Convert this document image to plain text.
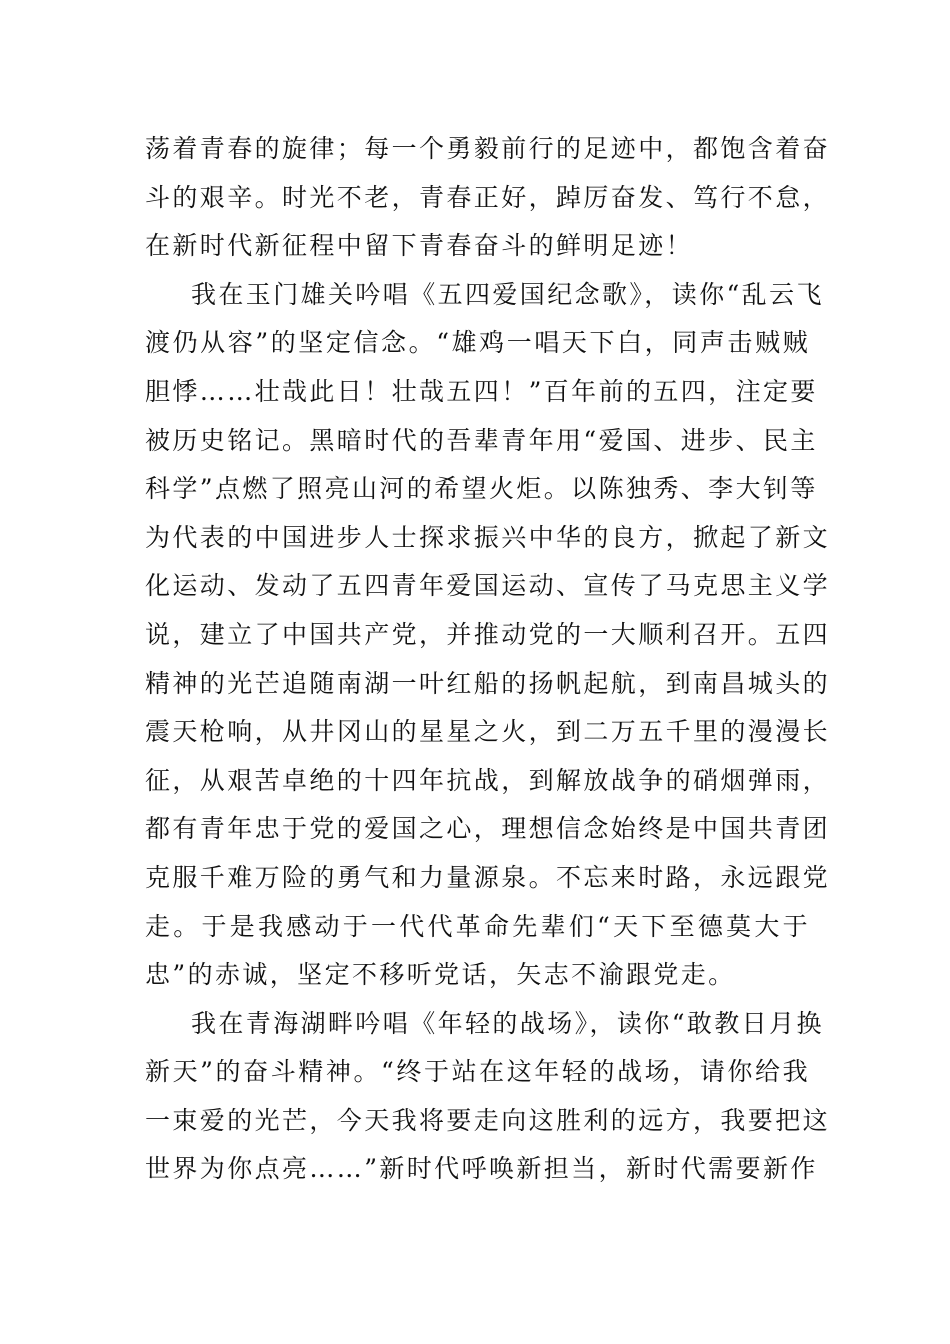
荡着青春的旋律；每一个勇毅前行的足迹中，都饱含着奋
斗的艰辛。时光不老，青春正好，踔厉奋发、笃行不怠，
在新时代新征程中留下青春奋斗的鲜明足迹！
我在玉门雄关吟唱《五四爱国纪念歌》，读你“乱云飞
渡仍从容”的坚定信念。“雄鸡一唱天下白，同声击贼贼
胆悸……壮哉此日！壮哉五四！”百年前的五四，注定要
被历史铭记。黑暗时代的吾辈青年用“爱国、进步、民主
科学”点燃了照亮山河的希望火炬。以陈独秀、李大钊等
为代表的中国进步人士探求振兴中华的良方，掀起了新文
化运动、发动了五四青年爱国运动、宣传了马克思主义学
说，建立了中国共产党，并推动党的一大顺利召开。五四
精神的光芒追随南湖一叶红船的扬帆起航，到南昌城头的
震天枪响，从井冈山的星星之火，到二万五千里的漫漫长
征，从艰苦卓绝的十四年抗战，到解放战争的硝烟弹雨，
都有青年忠于党的爱国之心，理想信念始终是中国共青团
克服千难万险的勇气和力量源泉。不忘来时路，永远跟党
走。于是我感动于一代代革命先辈们“天下至德莫大于
忠”的赤诚，坚定不移听党话，矢志不渝跟党走。
我在青海湖畔吟唱《年轻的战场》，读你“敢教日月换
新天”的奋斗精神。“终于站在这年轻的战场，请你给我
一束爱的光芒，今天我将要走向这胜利的远方，我要把这
世界为你点亮……”新时代呼唤新担当，新时代需要新作
